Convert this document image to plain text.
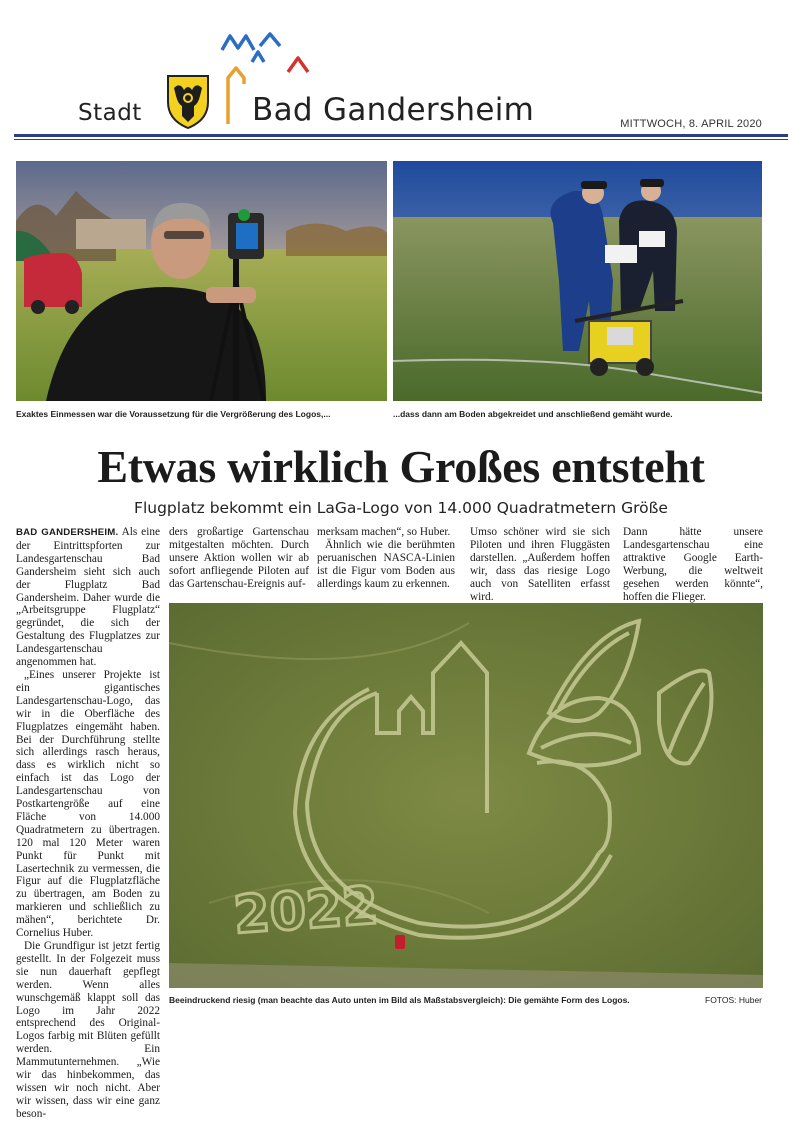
Stadt	Bad Gandersheim	MITTWOCH, 8. APRIL 2020
Exaktes Einmessen war die Voraussetzung für die Vergrößerung des Logos,...	...dass dann am Boden abgekreidet und anschließend gemäht wurde.
Etwas wirklich Großes entsteht
Flugplatz bekommt ein LaGa-Logo von 14.000 Quadratmetern Größe

BAD GANDERSHEIM. Als eine der Eintrittspforten zur Landesgartenschau Bad Gandersheim sieht sich auch der Flugplatz Bad Gandersheim. Daher wurde die „Arbeitsgruppe Flugplatz“ gegründet, die sich der Gestaltung des Flugplatzes zur Landesgartenschau angenommen hat.

„Eines unserer Projekte ist ein gigantisches Landesgartenschau-Logo, das wir in die Oberfläche des Flugplatzes eingemäht haben. Bei der Durchführung stellte sich allerdings rasch heraus, dass es wirklich nicht so einfach ist das Logo der Landesgartenschau von Postkartengröße auf eine Fläche von 14.000 Quadratmetern zu übertragen. 120 mal 120 Meter waren Punkt für Punkt mit Lasertechnik zu vermessen, die Figur auf die Flugplatzfläche zu übertragen, am Boden zu markieren und schließlich zu mähen“, berichtete Dr. Cornelius Huber.

Die Grundfigur ist jetzt fertig gestellt. In der Folgezeit muss sie nun dauerhaft gepflegt werden. Wenn alles wunschgemäß klappt soll das Logo im Jahr 2022 entsprechend des Original-Logos farbig mit Blüten gefüllt werden. Ein Mammutunternehmen. „Wie wir das hinbekommen, das wissen wir noch nicht. Aber wir wissen, dass wir eine ganz beson-

ders großartige Gartenschau mitgestalten möchten. Durch unsere Aktion wollen wir ab sofort anfliegende Piloten auf das Gartenschau-Ereignis auf-

merksam machen“, so Huber.

Ähnlich wie die berühmten peruanischen NASCA-Linien ist die Figur vom Boden aus allerdings kaum zu erkennen.

Umso schöner wird sie sich Piloten und ihren Fluggästen darstellen. „Außerdem hoffen wir, dass das riesige Logo auch von Satelliten erfasst wird.

Dann hätte unsere Landesgartenschau eine attraktive Google Earth-Werbung, die weltweit gesehen werden könnte“, hoffen die Flieger.

2022
Beeindruckend riesig (man beachte das Auto unten im Bild als Maßstabsvergleich): Die gemähte Form des Logos.	FOTOS: Huber
